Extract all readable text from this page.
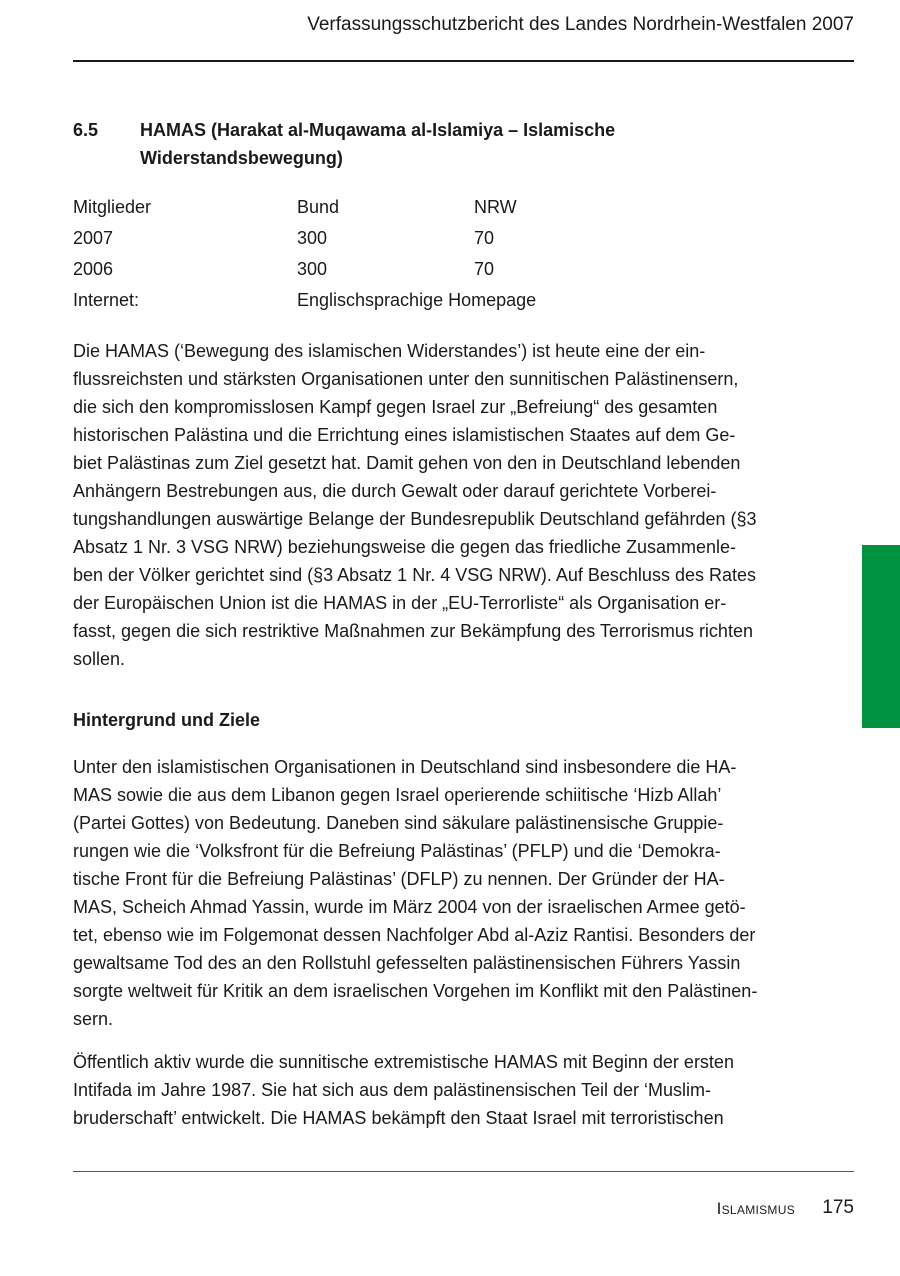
Verfassungsschutzbericht des Landes Nordrhein-Westfalen 2007
6.5 HAMAS (Harakat al-Muqawama al-Islamiya – Islamische
Widerstandsbewegung)
Mitglieder	Bund	NRW
2007	300	70
2006	300	70
Internet:	Englischsprachige Homepage

Die HAMAS (‘Bewegung des islamischen Widerstandes’) ist heute eine der ein-
flussreichsten und stärksten Organisationen unter den sunnitischen Palästinensern,
die sich den kompromisslosen Kampf gegen Israel zur „Befreiung“ des gesamten
historischen Palästina und die Errichtung eines islamistischen Staates auf dem Ge-
biet Palästinas zum Ziel gesetzt hat. Damit gehen von den in Deutschland lebenden
Anhängern Bestrebungen aus, die durch Gewalt oder darauf gerichtete Vorberei-
tungshandlungen auswärtige Belange der Bundesrepublik Deutschland gefährden (§3
Absatz 1 Nr. 3 VSG NRW) beziehungsweise die gegen das friedliche Zusammenle-
ben der Völker gerichtet sind (§3 Absatz 1 Nr. 4 VSG NRW). Auf Beschluss des Rates
der Europäischen Union ist die HAMAS in der „EU-Terrorliste“ als Organisation er-
fasst, gegen die sich restriktive Maßnahmen zur Bekämpfung des Terrorismus richten
sollen.

Hintergrund und Ziele

Unter den islamistischen Organisationen in Deutschland sind insbesondere die HA-
MAS sowie die aus dem Libanon gegen Israel operierende schiitische ‘Hizb Allah’
(Partei Gottes) von Bedeutung. Daneben sind säkulare palästinensische Gruppie-
rungen wie die ‘Volksfront für die Befreiung Palästinas’ (PFLP) und die ‘Demokra-
tische Front für die Befreiung Palästinas’ (DFLP) zu nennen. Der Gründer der HA-
MAS, Scheich Ahmad Yassin, wurde im März 2004 von der israelischen Armee getö-
tet, ebenso wie im Folgemonat dessen Nachfolger Abd al-Aziz Rantisi. Besonders der
gewaltsame Tod des an den Rollstuhl gefesselten palästinensischen Führers Yassin
sorgte weltweit für Kritik an dem israelischen Vorgehen im Konflikt mit den Palästinen-
sern.

Öffentlich aktiv wurde die sunnitische extremistische HAMAS mit Beginn der ersten
Intifada im Jahre 1987. Sie hat sich aus dem palästinensischen Teil der ‘Muslim-
bruderschaft’ entwickelt. Die HAMAS bekämpft den Staat Israel mit terroristischen

Islamismus 175
